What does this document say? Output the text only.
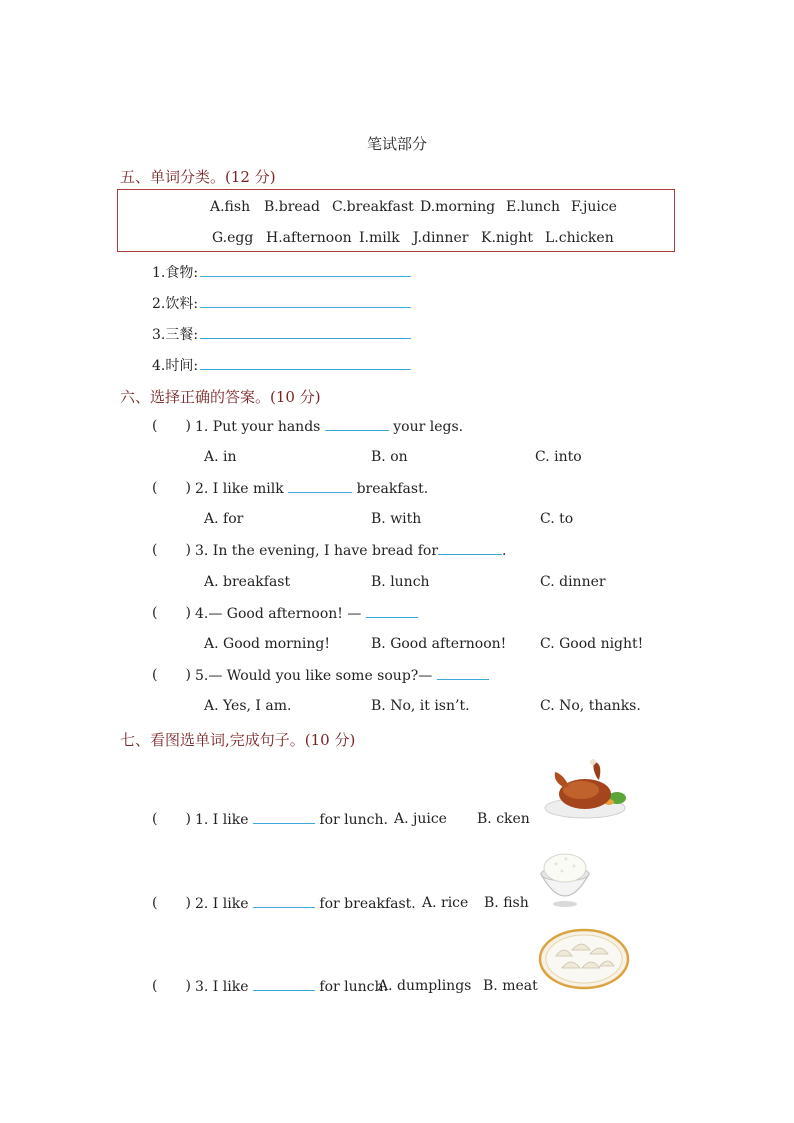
笔试部分
五、单词分类。(12 分)
A.fish B.bread C.breakfast D.morning E.lunch F.juice
G.egg H.afternoon I.milk J.dinner K.night L.chicken
1.食物:
2.饮料:
3.三餐:
4.时间:
六、选择正确的答案。(10 分)
( ) 1. Put your hands	your legs.
A. in	B. on	C. into
( ) 2. I like milk	breakfast.
A. for	B. with	C. to
( ) 3. In the evening, I have bread for	.
A. breakfast	B. lunch	C. dinner
( ) 4.— Good afternoon! —
A. Good morning!	B. Good afternoon! C. Good night!
( ) 5.— Would you like some soup?—
A. Yes, I am.	B. No, it isn’t.	C. No, thanks.
七、看图选单词,完成句子。(10 分)
( ) 1. I like	for lunch. A. juice B. cken
( ) 2. I like	for breakfast. A. rice B. fish
( ) 3. I like	for lunch.
A. dumplings B. meat
